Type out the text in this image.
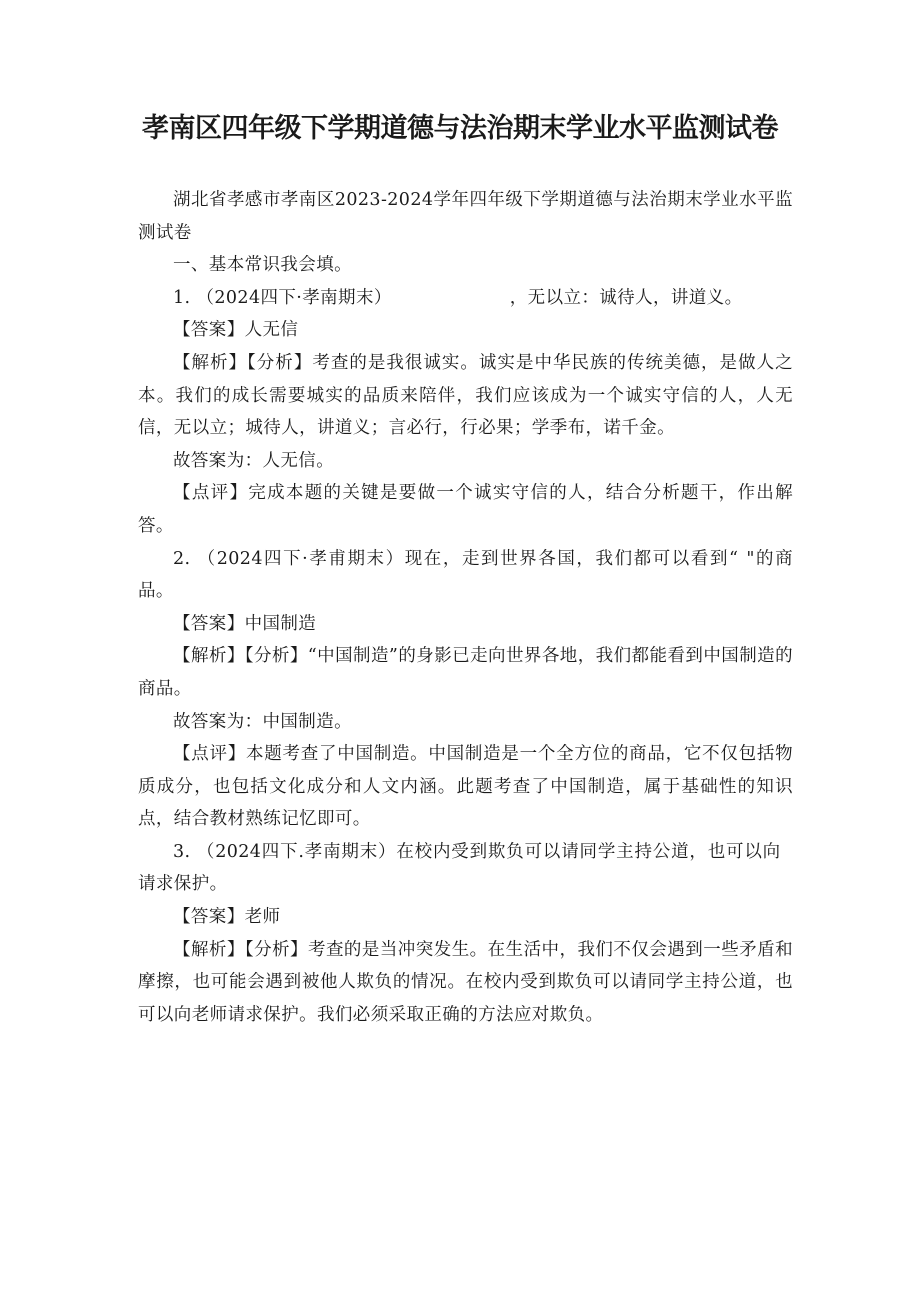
孝南区四年级下学期道德与法治期末学业水平监测试卷

湖北省孝感市孝南区2023-2024学年四年级下学期道德与法治期末学业水平监测试卷

一、基本常识我会填。

1. （2024四下·孝南期末）	，无以立：诚待人，讲道义。

【答案】人无信

【解析】【分析】考查的是我很诚实。诚实是中华民族的传统美德，是做人之本。我们的成长需要城实的品质来陪伴，我们应该成为一个诚实守信的人，人无信，无以立；城待人，讲道义；言必行，行必果；学季布，诺千金。

故答案为：人无信。

【点评】完成本题的关键是要做一个诚实守信的人，结合分析题干，作出解答。

2. （2024四下·孝甫期末）现在，走到世界各国，我们都可以看到“ "的商品。

【答案】中国制造

【解析】【分析】“中国制造”的身影已走向世界各地，我们都能看到中国制造的商品。

故答案为：中国制造。

【点评】本题考查了中国制造。中国制造是一个全方位的商品，它不仅包括物质成分，也包括文化成分和人文内涵。此题考查了中国制造，属于基础性的知识点，结合教材熟练记忆即可。

3. （2024四下.孝南期末）在校内受到欺负可以请同学主持公道，也可以向请求保护。

【答案】老师

【解析】【分析】考查的是当冲突发生。在生活中，我们不仅会遇到一些矛盾和摩擦，也可能会遇到被他人欺负的情况。在校内受到欺负可以请同学主持公道，也可以向老师请求保护。我们必须采取正确的方法应对欺负。
